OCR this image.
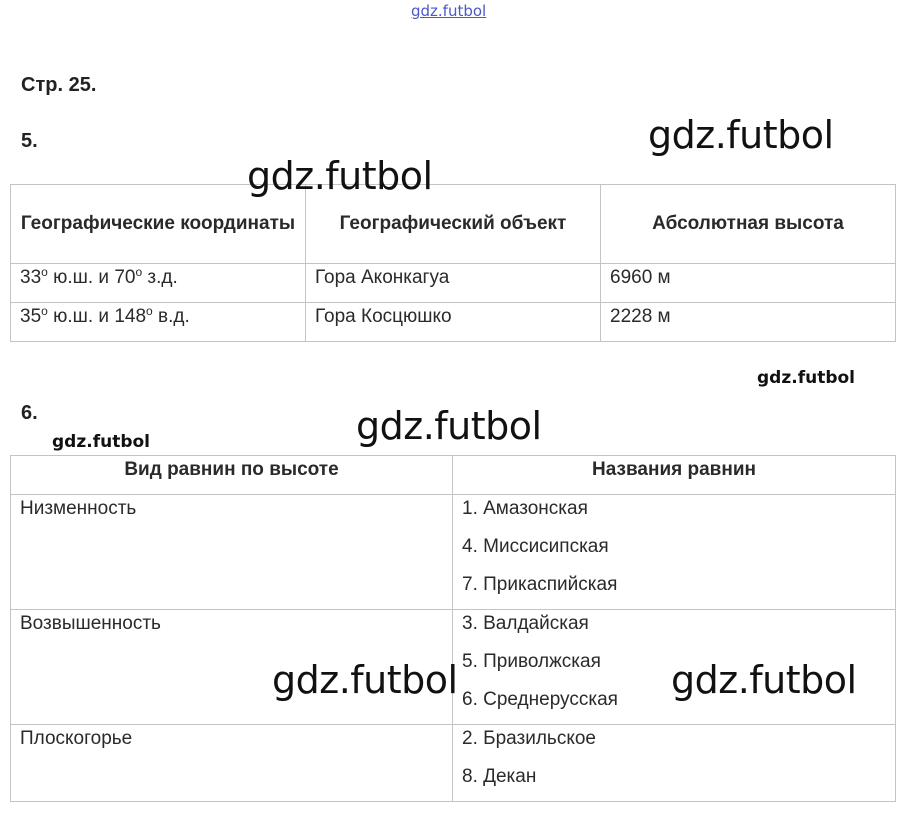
gdz.futbol
Стр. 25.
5.
Географические координаты	Географический объект	Абсолютная высота
33$^o$ ю.ш. и 70$^o$ з.д.	Гора Аконкагуа	6960 м
35$^o$ ю.ш. и 148$^o$ в.д.	Гора Косцюшко	2228 м
6.
Вид равнин по высоте	Названия равнин

Низменность	1. Амазонская
4. Миссисипская
7. Прикаспийская

Возвышенность	3. Валдайская
5. Приволжская
6. Среднерусская

Плоскогорье	2. Бразильское
8. Декан
gdz.futbol
gdz.futbol
gdz.futbol
gdz.futbol
gdz.futbol
gdz.futbol	gdz.futbol
